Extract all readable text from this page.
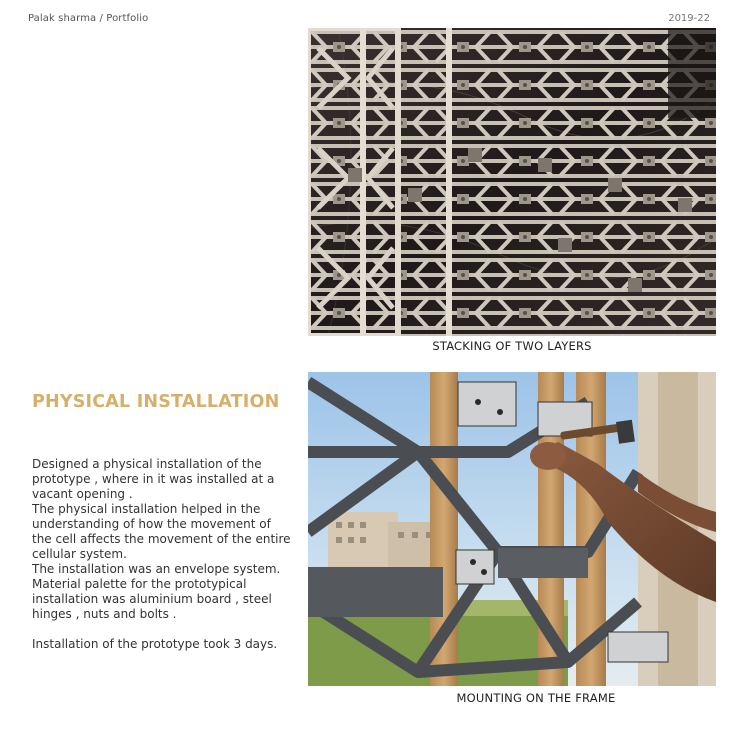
Palak sharma / Portfolio	2019-22
STACKING OF TWO LAYERS
PHYSICAL INSTALLATION

Designed a physical installation of the prototype , where in it was installed at a vacant opening .

The physical installation helped in the understanding of how the movement of the cell affects the movement of the entire cellular system.

The installation was an envelope system. Material palette for the prototypical installation was aluminium board , steel hinges , nuts and bolts .

Installation of the prototype took 3 days.

MOUNTING ON THE FRAME
